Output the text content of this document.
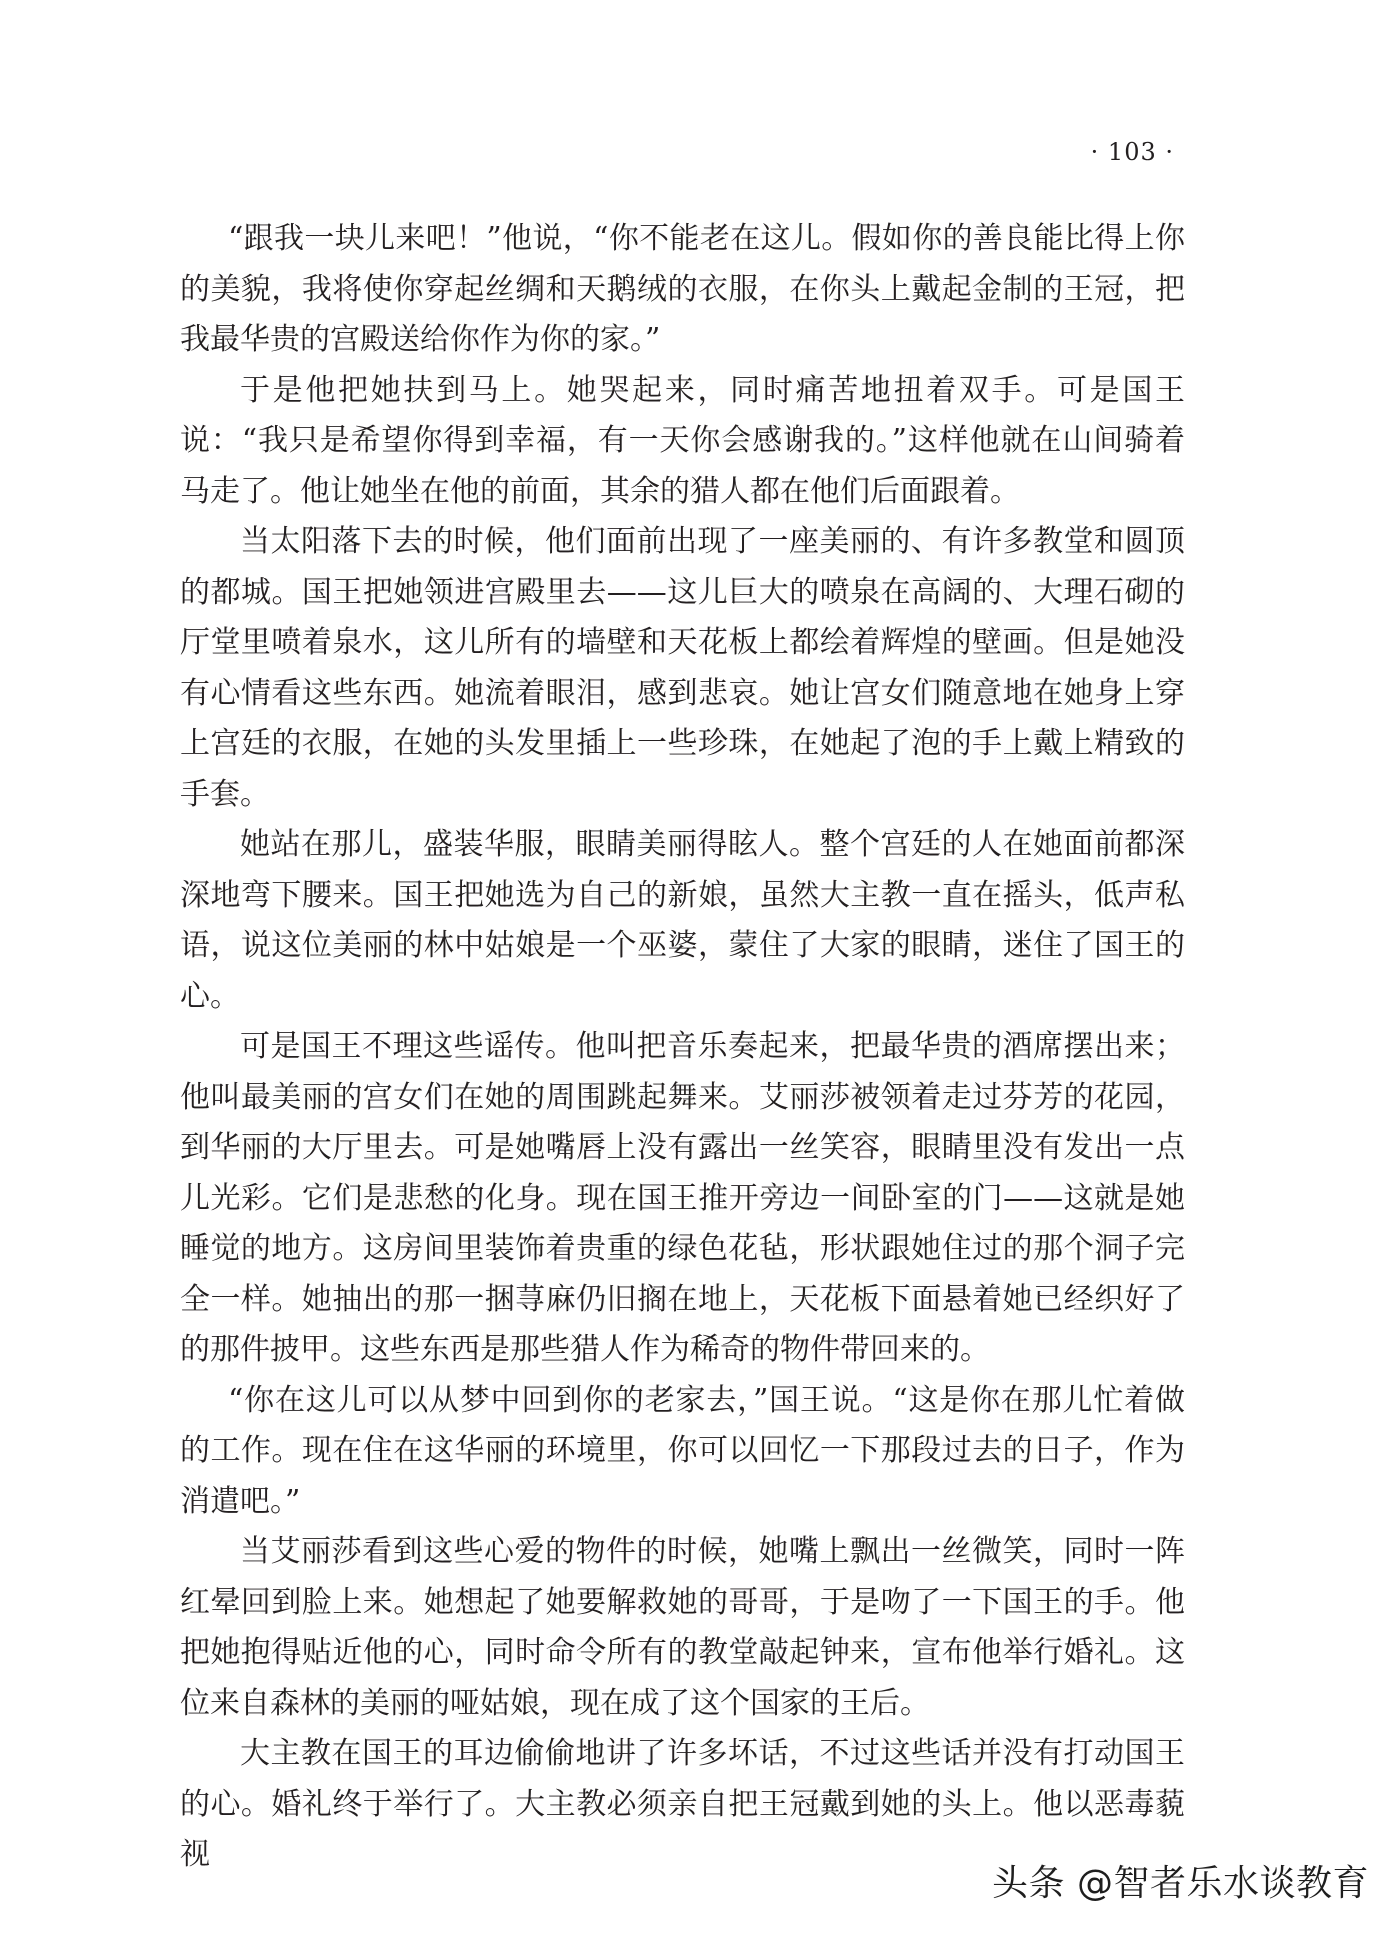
· 103 ·

“跟我一块儿来吧！”他说，“你不能老在这儿。假如你的善良能比得上你的美貌，我将使你穿起丝绸和天鹅绒的衣服，在你头上戴起金制的王冠，把我最华贵的宫殿送给你作为你的家。”

于是他把她扶到马上。她哭起来，同时痛苦地扭着双手。可是国王说：“我只是希望你得到幸福，有一天你会感谢我的。”这样他就在山间骑着马走了。他让她坐在他的前面，其余的猎人都在他们后面跟着。

当太阳落下去的时候，他们面前出现了一座美丽的、有许多教堂和圆顶的都城。国王把她领进宫殿里去——这儿巨大的喷泉在高阔的、大理石砌的厅堂里喷着泉水，这儿所有的墙壁和天花板上都绘着辉煌的壁画。但是她没有心情看这些东西。她流着眼泪，感到悲哀。她让宫女们随意地在她身上穿上宫廷的衣服，在她的头发里插上一些珍珠，在她起了泡的手上戴上精致的手套。

她站在那儿，盛装华服，眼睛美丽得眩人。整个宫廷的人在她面前都深深地弯下腰来。国王把她选为自己的新娘，虽然大主教一直在摇头，低声私语，说这位美丽的林中姑娘是一个巫婆，蒙住了大家的眼睛，迷住了国王的心。

可是国王不理这些谣传。他叫把音乐奏起来，把最华贵的酒席摆出来；他叫最美丽的宫女们在她的周围跳起舞来。艾丽莎被领着走过芬芳的花园，到华丽的大厅里去。可是她嘴唇上没有露出一丝笑容，眼睛里没有发出一点儿光彩。它们是悲愁的化身。现在国王推开旁边一间卧室的门——这就是她睡觉的地方。这房间里装饰着贵重的绿色花毡，形状跟她住过的那个洞子完全一样。她抽出的那一捆荨麻仍旧搁在地上，天花板下面悬着她已经织好了的那件披甲。这些东西是那些猎人作为稀奇的物件带回来的。

“你在这儿可以从梦中回到你的老家去，”国王说。“这是你在那儿忙着做的工作。现在住在这华丽的环境里，你可以回忆一下那段过去的日子，作为消遣吧。”

当艾丽莎看到这些心爱的物件的时候，她嘴上飘出一丝微笑，同时一阵红晕回到脸上来。她想起了她要解救她的哥哥，于是吻了一下国王的手。他把她抱得贴近他的心，同时命令所有的教堂敲起钟来，宣布他举行婚礼。这位来自森林的美丽的哑姑娘，现在成了这个国家的王后。

大主教在国王的耳边偷偷地讲了许多坏话，不过这些话并没有打动国王的心。婚礼终于举行了。大主教必须亲自把王冠戴到她的头上。他以恶毒藐视

头条 @智者乐水谈教育
